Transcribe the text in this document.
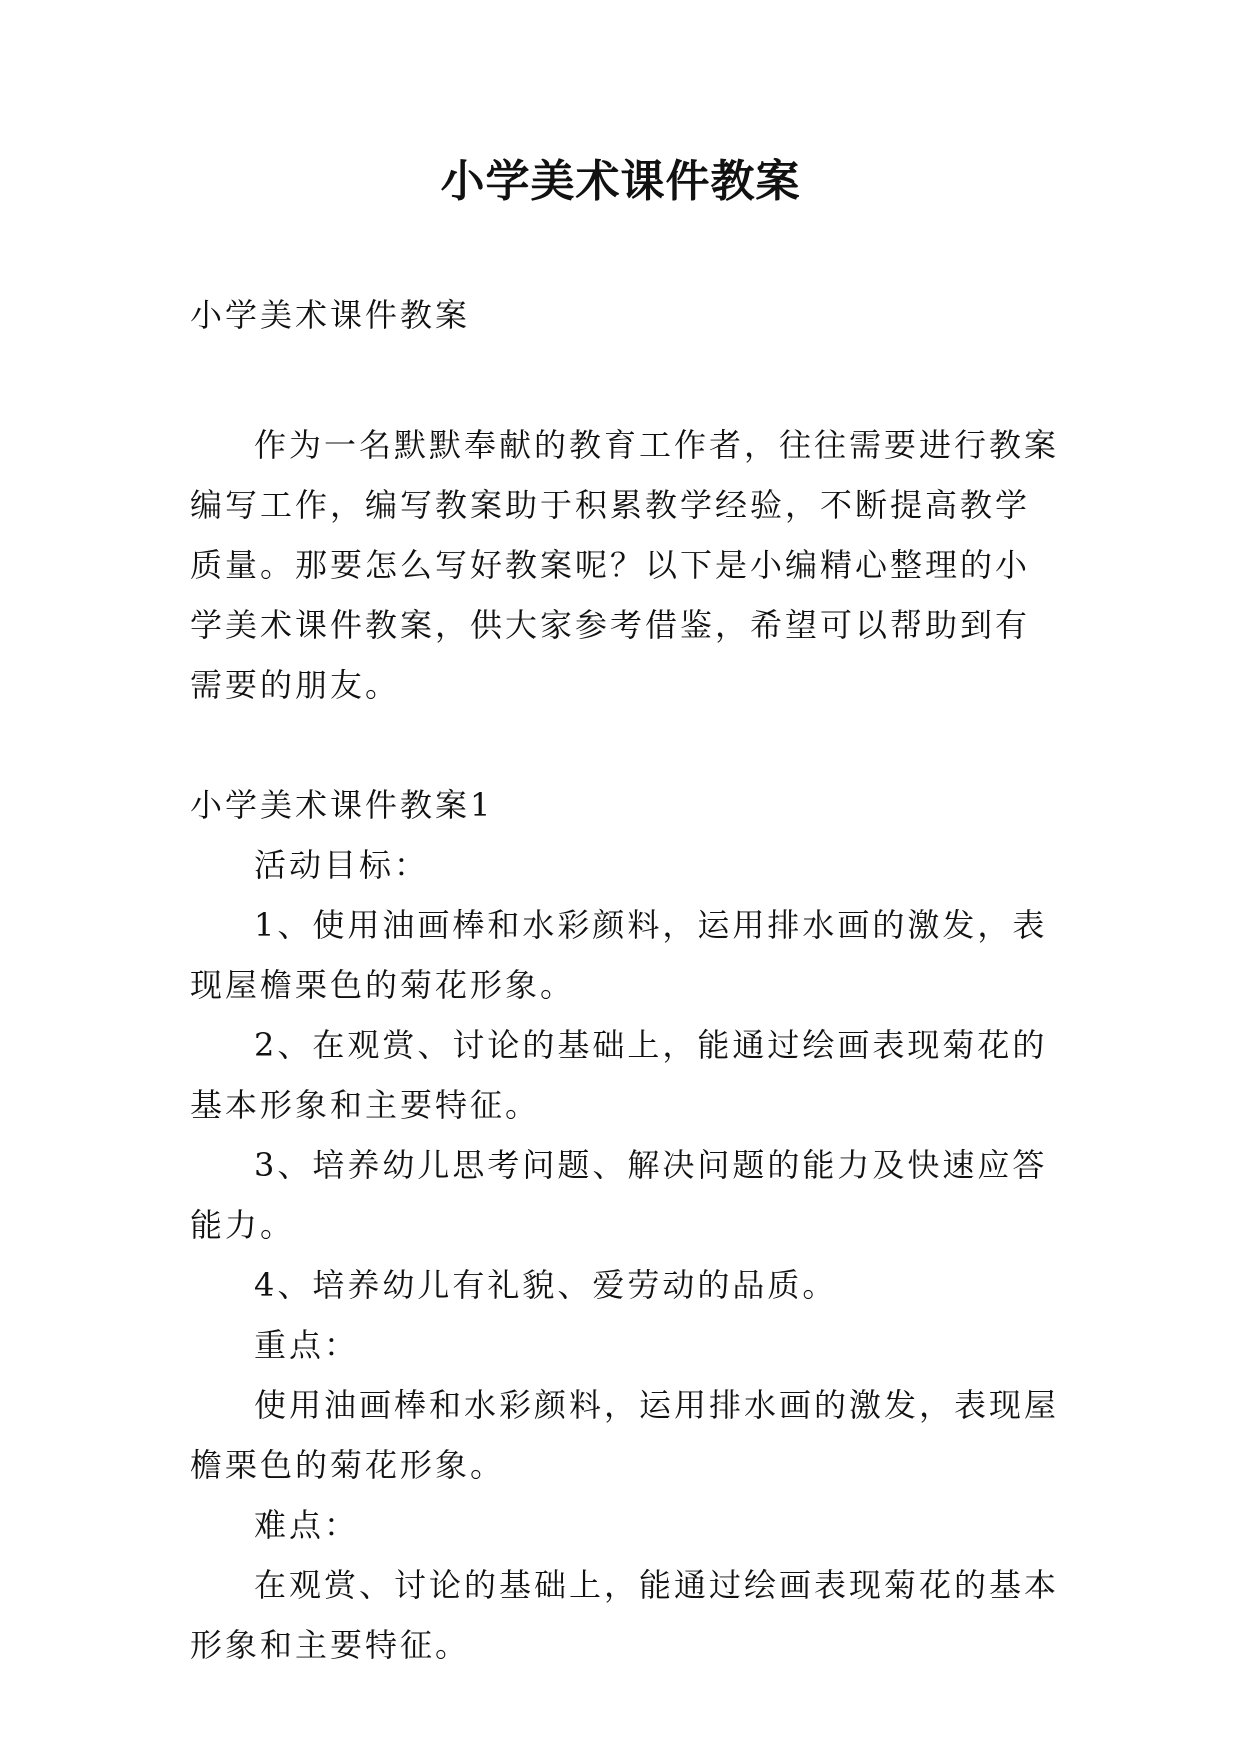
小学美术课件教案

小学美术课件教案

作为一名默默奉献的教育工作者，往往需要进行教案编写工作，编写教案助于积累教学经验，不断提高教学质量。那要怎么写好教案呢？以下是小编精心整理的小学美术课件教案，供大家参考借鉴，希望可以帮助到有需要的朋友。

小学美术课件教案1

活动目标：

1、使用油画棒和水彩颜料，运用排水画的激发，表现屋檐栗色的菊花形象。

2、在观赏、讨论的基础上，能通过绘画表现菊花的基本形象和主要特征。

3、培养幼儿思考问题、解决问题的能力及快速应答能力。

4、培养幼儿有礼貌、爱劳动的品质。

重点：

使用油画棒和水彩颜料，运用排水画的激发，表现屋檐栗色的菊花形象。

难点：

在观赏、讨论的基础上，能通过绘画表现菊花的基本形象和主要特征。
